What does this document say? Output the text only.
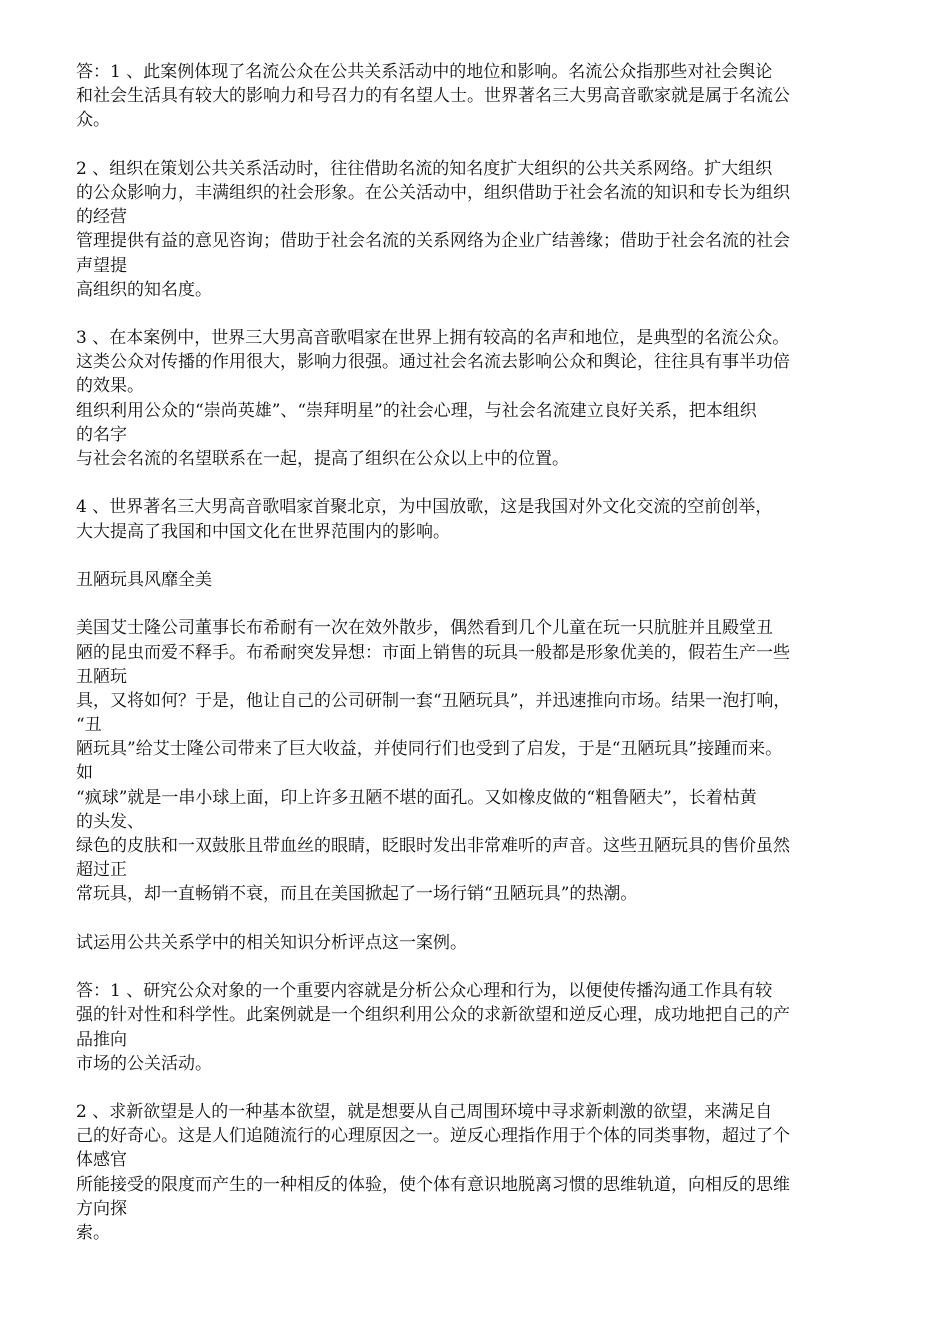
答：1 、此案例体现了名流公众在公共关系活动中的地位和影响。名流公众指那些对社会舆论
和社会生活具有较大的影响力和号召力的有名望人士。世界著名三大男高音歌家就是属于名流公
众。
2 、组织在策划公共关系活动时，往往借助名流的知名度扩大组织的公共关系网络。扩大组织
的公众影响力，丰满组织的社会形象。在公关活动中，组织借助于社会名流的知识和专长为组织
的经营
管理提供有益的意见咨询；借助于社会名流的关系网络为企业广结善缘；借助于社会名流的社会
声望提
高组织的知名度。
3 、在本案例中，世界三大男高音歌唱家在世界上拥有较高的名声和地位，是典型的名流公众。
这类公众对传播的作用很大，影响力很强。通过社会名流去影响公众和舆论，往往具有事半功倍
的效果。
组织利用公众的“崇尚英雄”、“崇拜明星”的社会心理，与社会名流建立良好关系，把本组织
的名字
与社会名流的名望联系在一起，提高了组织在公众以上中的位置。
4 、世界著名三大男高音歌唱家首聚北京，为中国放歌，这是我国对外文化交流的空前创举，
大大提高了我国和中国文化在世界范围内的影响。
丑陋玩具风靡全美
美国艾士隆公司董事长布希耐有一次在效外散步，偶然看到几个儿童在玩一只肮脏并且殿堂丑
陋的昆虫而爱不释手。布希耐突发异想：市面上销售的玩具一般都是形象优美的，假若生产一些
丑陋玩
具，又将如何？于是，他让自己的公司研制一套“丑陋玩具”，并迅速推向市场。结果一泡打响，
“丑
陋玩具”给艾士隆公司带来了巨大收益，并使同行们也受到了启发，于是“丑陋玩具”接踵而来。
如
“疯球”就是一串小球上面，印上许多丑陋不堪的面孔。又如橡皮做的“粗鲁陋夫”，长着枯黄
的头发、
绿色的皮肤和一双鼓胀且带血丝的眼睛，眨眼时发出非常难听的声音。这些丑陋玩具的售价虽然
超过正
常玩具，却一直畅销不衰，而且在美国掀起了一场行销“丑陋玩具”的热潮。
试运用公共关系学中的相关知识分析评点这一案例。
答：1 、研究公众对象的一个重要内容就是分析公众心理和行为，以便使传播沟通工作具有较
强的针对性和科学性。此案例就是一个组织利用公众的求新欲望和逆反心理，成功地把自己的产
品推向
市场的公关活动。
2 、求新欲望是人的一种基本欲望，就是想要从自己周围环境中寻求新刺激的欲望，来满足自
己的好奇心。这是人们追随流行的心理原因之一。逆反心理指作用于个体的同类事物，超过了个
体感官
所能接受的限度而产生的一种相反的体验，使个体有意识地脱离习惯的思维轨道，向相反的思维
方向探
索。
